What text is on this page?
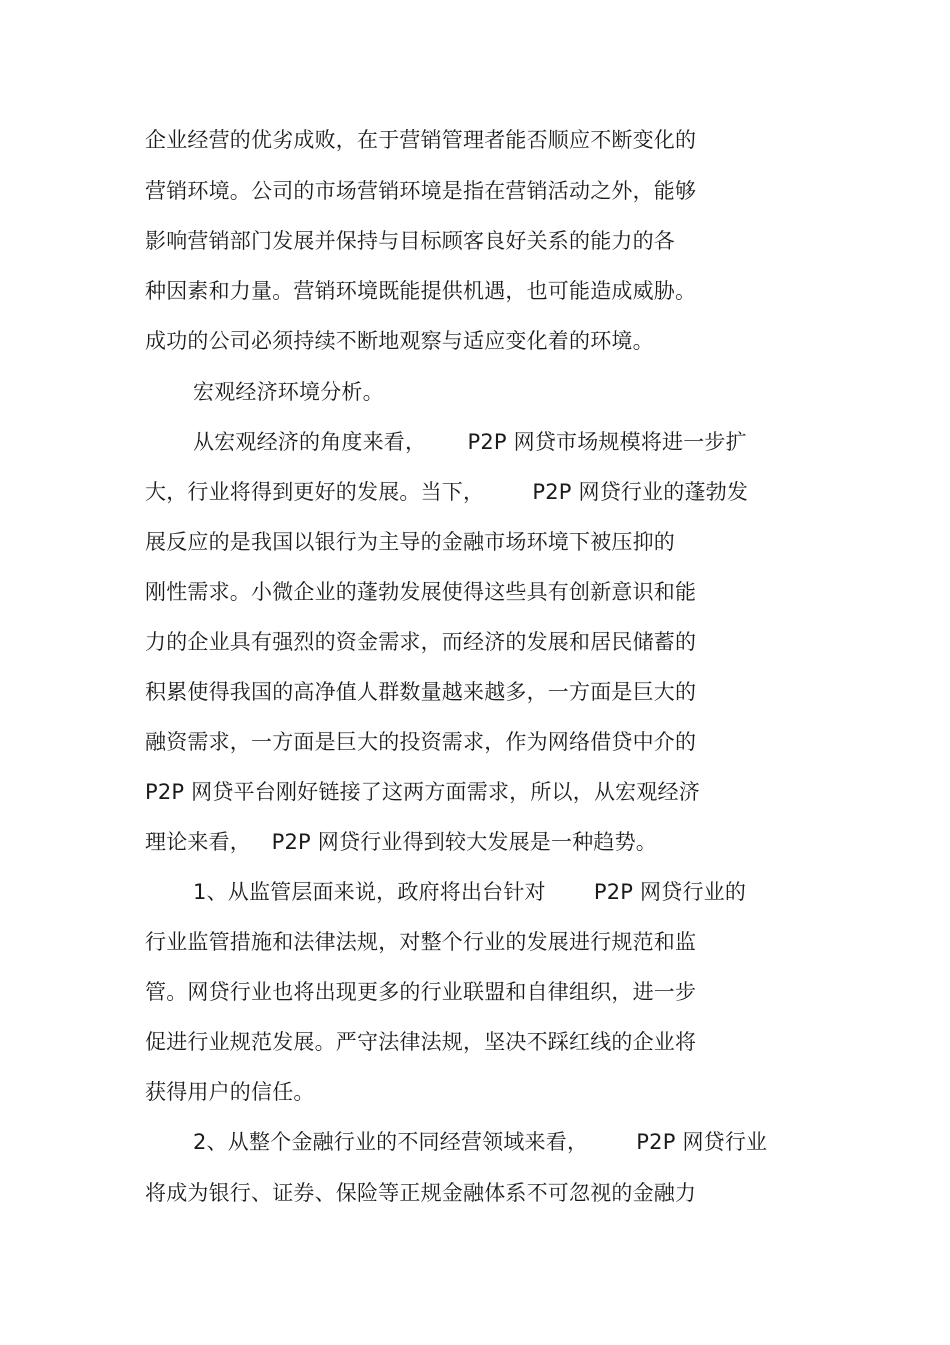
企业经营的优劣成败，在于营销管理者能否顺应不断变化的
营销环境。公司的市场营销环境是指在营销活动之外，能够
影响营销部门发展并保持与目标顾客良好关系的能力的各
种因素和力量。营销环境既能提供机遇，也可能造成威胁。
成功的公司必须持续不断地观察与适应变化着的环境。
宏观经济环境分析。
从宏观经济的角度来看，      P2P 网贷市场规模将进一步扩
大，行业将得到更好的发展。当下，       P2P 网贷行业的蓬勃发
展反应的是我国以银行为主导的金融市场环境下被压抑的
刚性需求。小微企业的蓬勃发展使得这些具有创新意识和能
力的企业具有强烈的资金需求，而经济的发展和居民储蓄的
积累使得我国的高净值人群数量越来越多，一方面是巨大的
融资需求，一方面是巨大的投资需求，作为网络借贷中介的
P2P 网贷平台刚好链接了这两方面需求，所以，从宏观经济
理论来看，   P2P 网贷行业得到较大发展是一种趋势。
1、从监管层面来说，政府将出台针对       P2P 网贷行业的
行业监管措施和法律法规，对整个行业的发展进行规范和监
管。网贷行业也将出现更多的行业联盟和自律组织，进一步
促进行业规范发展。严守法律法规，坚决不踩红线的企业将
获得用户的信任。
2、从整个金融行业的不同经营领域来看，       P2P 网贷行业
将成为银行、证券、保险等正规金融体系不可忽视的金融力
